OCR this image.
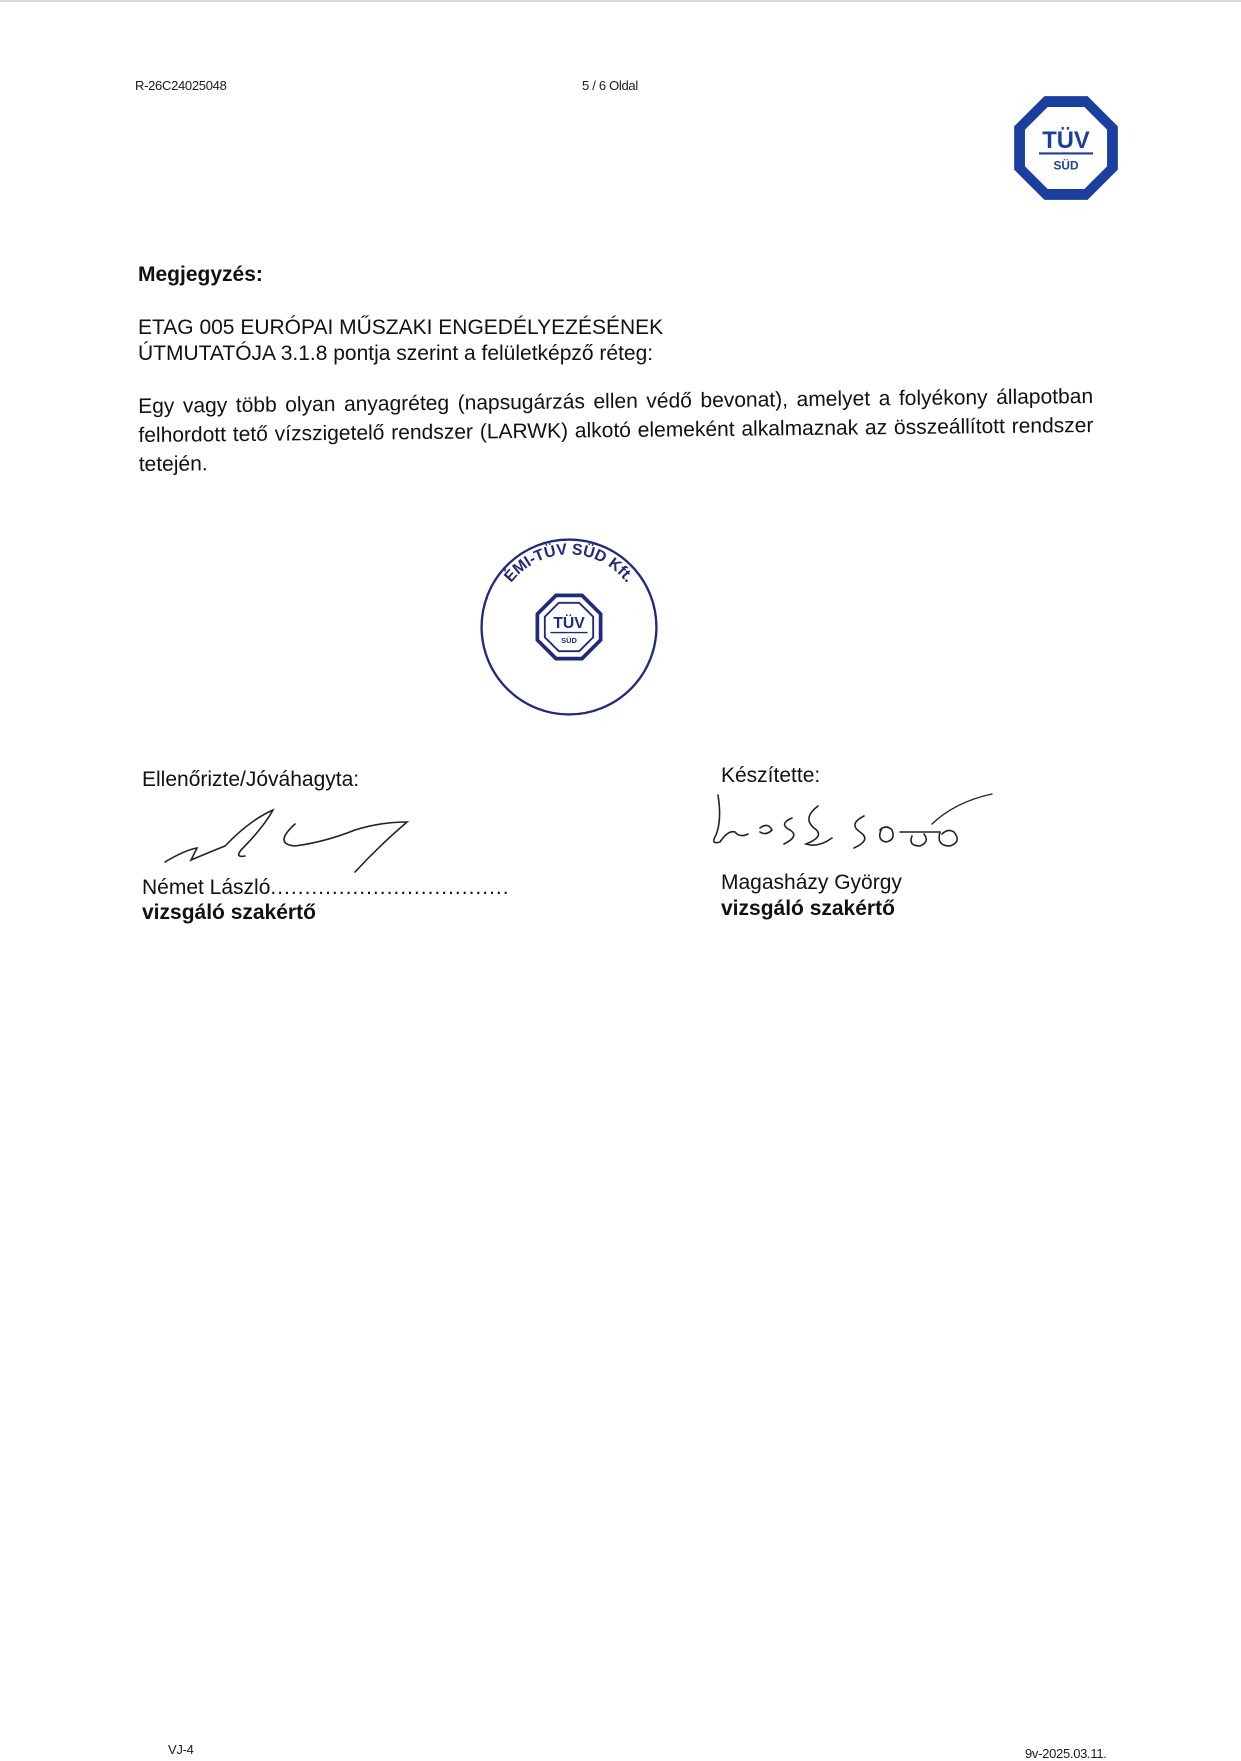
R-26C24025048	5 / 6 Oldal
TÜV
SÜD
Megjegyzés:
ETAG 005 EURÓPAI MŰSZAKI ENGEDÉLYEZÉSÉNEK
ÚTMUTATÓJA 3.1.8 pontja szerint a felületképző réteg:
Egy vagy több olyan anyagréteg (napsugárzás ellen védő bevonat), amelyet a folyékony állapotban felhordott tető vízszigetelő rendszer (LARWK) alkotó elemeként alkalmaznak az összeállított rendszer tetején.
ÉMI-TÜV SÜD Kft.
TÜV
SÜD
Ellenőrizte/Jóváhagyta:	Készítette:
Német László...................................	Magasházy György
vizsgáló szakértő	vizsgáló szakértő
VJ-4	9v-2025.03.11.
